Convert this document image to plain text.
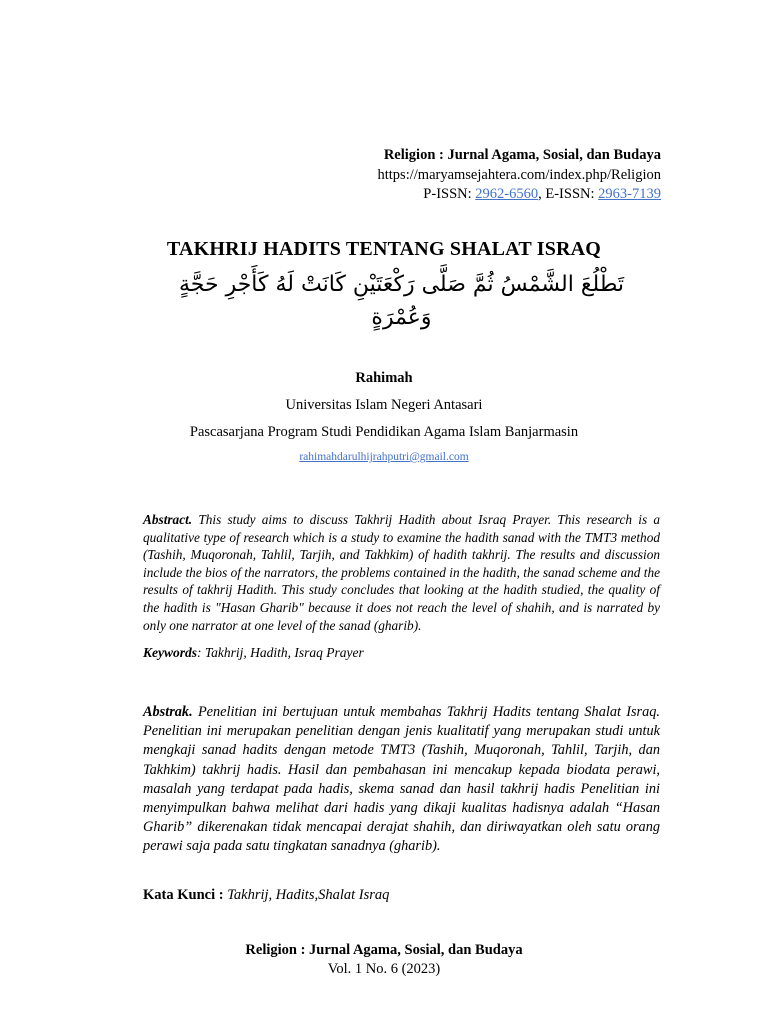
Religion : Jurnal Agama, Sosial, dan Budaya
https://maryamsejahtera.com/index.php/Religion
P-ISSN: 2962-6560, E-ISSN: 2963-7139
TAKHRIJ HADITS TENTANG SHALAT ISRAQ
تَطْلُعَ الشَّمْسُ ثُمَّ صَلَّى رَكْعَتَيْنِ كَانَتْ لَهُ كَأَجْرِ حَجَّةٍ وَعُمْرَةٍ
Rahimah
Universitas Islam Negeri Antasari
Pascasarjana Program Studi Pendidikan Agama Islam Banjarmasin
rahimahdarulhijrahputri@gmail.com
Abstract. This study aims to discuss Takhrij Hadith about Israq Prayer. This research is a qualitative type of research which is a study to examine the hadith sanad with the TMT3 method (Tashih, Muqoronah, Tahlil, Tarjih, and Takhkim) of hadith takhrij. The results and discussion include the bios of the narrators, the problems contained in the hadith, the sanad scheme and the results of takhrij Hadith. This study concludes that looking at the hadith studied, the quality of the hadith is "Hasan Gharib" because it does not reach the level of shahih, and is narrated by only one narrator at one level of the sanad (gharib).
Keywords: Takhrij, Hadith, Israq Prayer
Abstrak. Penelitian ini bertujuan untuk membahas Takhrij Hadits tentang Shalat Israq. Penelitian ini merupakan penelitian dengan jenis kualitatif yang merupakan studi untuk mengkaji sanad hadits dengan metode TMT3 (Tashih, Muqoronah, Tahlil, Tarjih, dan Takhkim) takhrij hadis. Hasil dan pembahasan ini mencakup kepada biodata perawi, masalah yang terdapat pada hadis, skema sanad dan hasil takhrij hadis Penelitian ini menyimpulkan bahwa melihat dari hadis yang dikaji kualitas hadisnya adalah “Hasan Gharib” dikerenakan tidak mencapai derajat shahih, dan diriwayatkan oleh satu orang perawi saja pada satu tingkatan sanadnya (gharib).
Kata Kunci : Takhrij, Hadits,Shalat Israq
Religion : Jurnal Agama, Sosial, dan Budaya
Vol. 1 No. 6 (2023)
